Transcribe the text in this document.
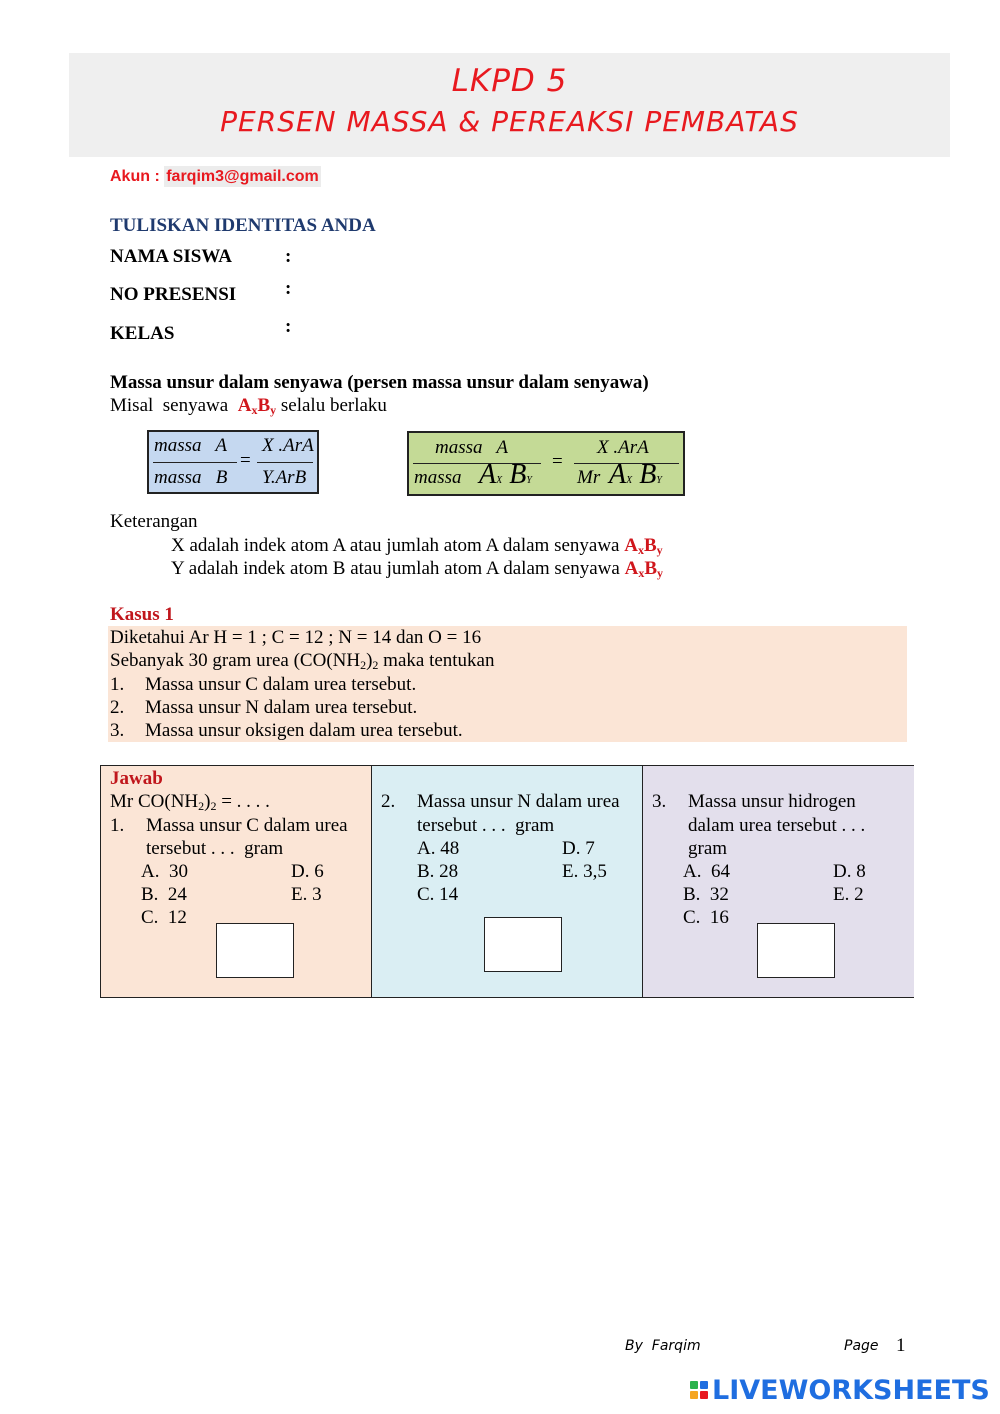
LKPD 5
PERSEN MASSA & PEREAKSI PEMBATAS
Akun : farqim3@gmail.com
TULISKAN IDENTITAS ANDA
NAMA SISWA	:
NO PRESENSI	:
KELAS	:
Massa unsur dalam senyawa (persen massa unsur dalam senyawa)
Misal  senyawa $A_xB_y$ selalu berlaku
massa   A
massa   B
=
X .ArA
Y.ArB
massa   A
massa AX BY
=
X .ArA
Mr AX BY
Keterangan
X adalah indek atom A atau jumlah atom A dalam senyawa $A_xB_y$
Y adalah indek atom B atau jumlah atom A dalam senyawa $A_xB_y$
Kasus 1
Diketahui Ar H = 1 ; C = 12 ; N = 14 dan O = 16
Sebanyak 30 gram urea ($CO(NH_2)_2$ maka tentukan
1. Massa unsur C dalam urea tersebut.
2. Massa unsur N dalam urea tersebut.
3. Massa unsur oksigen dalam urea tersebut.
Jawab
Mr $CO(NH_2)_2$ = . . . .
1. Massa unsur C dalam urea
tersebut . . .  gram
A.  30
B.  24
C.  12
D. 6
E. 3
2. Massa unsur N dalam urea
tersebut . . .  gram
A. 48
B. 28
C. 14
D. 7
E. 3,5
3. Massa unsur hidrogen
dalam urea tersebut . . .
gram
A.  64
B.  32
C.  16
D. 8
E. 2
By  Farqim	Page 1
LIVEWORKSHEETS
